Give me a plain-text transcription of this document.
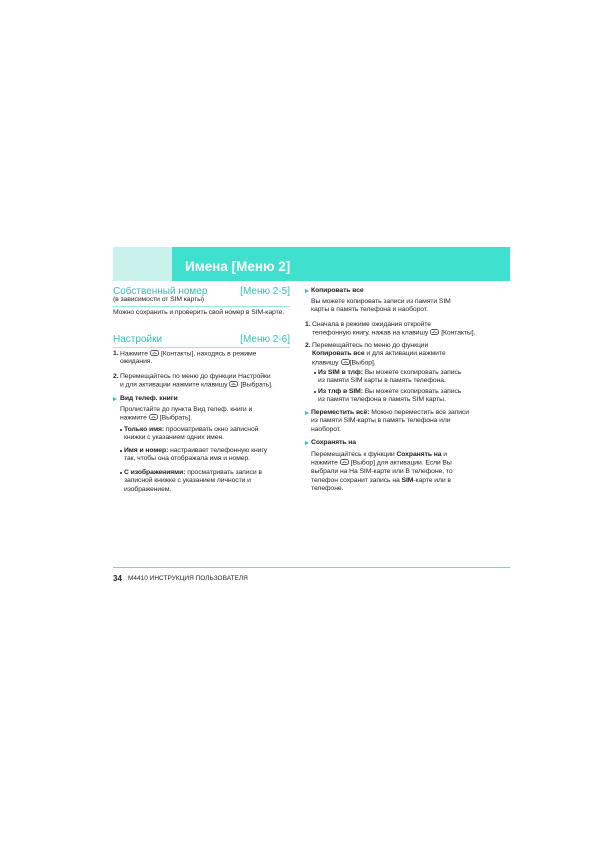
Имена [Меню 2]
Собственный номер	[Меню 2-5]
(в зависимости от SIM карты)
Можно сохранить и проверить свой номер в SIM-карте.
Настройки	[Меню 2-6]
1. Нажмите
[Контакты], находясь в режиме
ожидания.
2. Перемещайтесь по меню до функции Настройки
и для активации нажмите клавишу
[Выбрать].
Вид телеф. книги
Пролистайте до пункта Вид телеф. книги и
нажмите
[Выбрать].
Только имя: просматривать окно записной
книжки с указанием одних имен.
Имя и номер: настраивает телефонную книгу
так, чтобы она отображала имя и номер.
С изображениями: просматривать записи в
записной книжке с указанием личности и
изображением.
Копировать все
Вы можете копировать записи из памяти SIM
карты в память телефона и наоборот.
1. Сначала в режиме ожидания откройте
телефонную книгу, нажав на клавишу
[Контакты].
2. Перемещайтесь по меню до функции
Копировать все и для активации нажмите
клавишу
[Выбор].
Из SIM в тлф: Вы можете скопировать запись
из памяти SIM карты в память телефона.
Из тлф в SIM: Вы можете скопировать запись
из памяти телефона в память SIM карты.
Переместить всё: Можно переместить все записи
из памяти SIM-карты в память телефона или
наоборот.
Сохранять на
Перемещайтесь к функции Сохранять на и
нажмите
[Выбор] для активации. Если Вы
выбрали на На SIM-карте или В телефоне, то
телефон сохранит запись на SIM-карте или в
телефоне.
34 M4410 ИНСТРУКЦИЯ ПОЛЬЗОВАТЕЛЯ
